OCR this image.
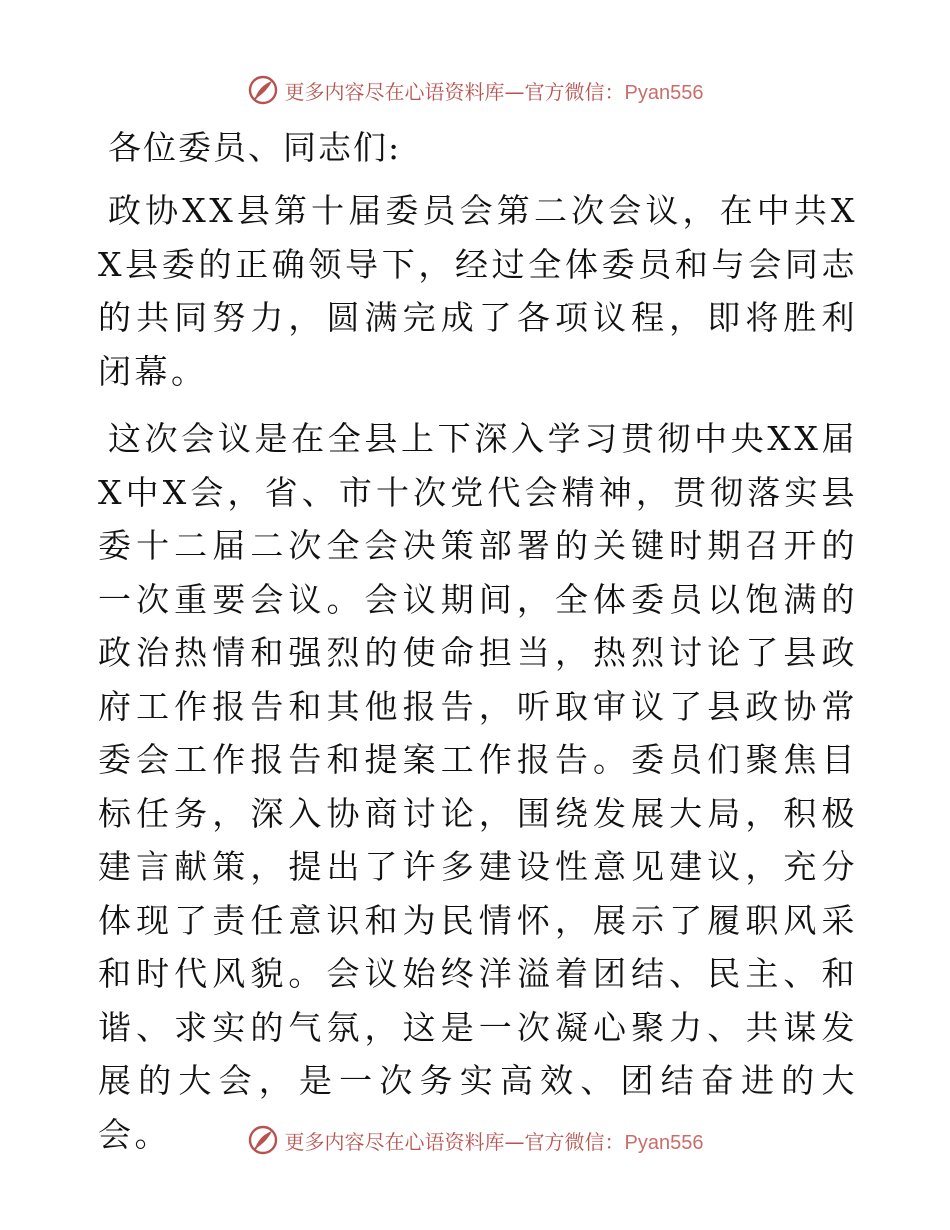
更多内容尽在心语资料库—官方微信：Pyan556
各位委员、同志们:

政协XX县第十届委员会第二次会议，在中共XX县委的正确领导下，经过全体委员和与会同志的共同努力，圆满完成了各项议程，即将胜利闭幕。

这次会议是在全县上下深入学习贯彻中央XX届X中X会，省、市十次党代会精神，贯彻落实县委十二届二次全会决策部署的关键时期召开的一次重要会议。会议期间，全体委员以饱满的政治热情和强烈的使命担当，热烈讨论了县政府工作报告和其他报告，听取审议了县政协常委会工作报告和提案工作报告。委员们聚焦目标任务，深入协商讨论，围绕发展大局，积极建言献策，提出了许多建设性意见建议，充分体现了责任意识和为民情怀，展示了履职风采和时代风貌。会议始终洋溢着团结、民主、和谐、求实的气氛，这是一次凝心聚力、共谋发展的大会，是一次务实高效、团结奋进的大会。	更多内容尽在心语资料库—官方微信：Pyan556
